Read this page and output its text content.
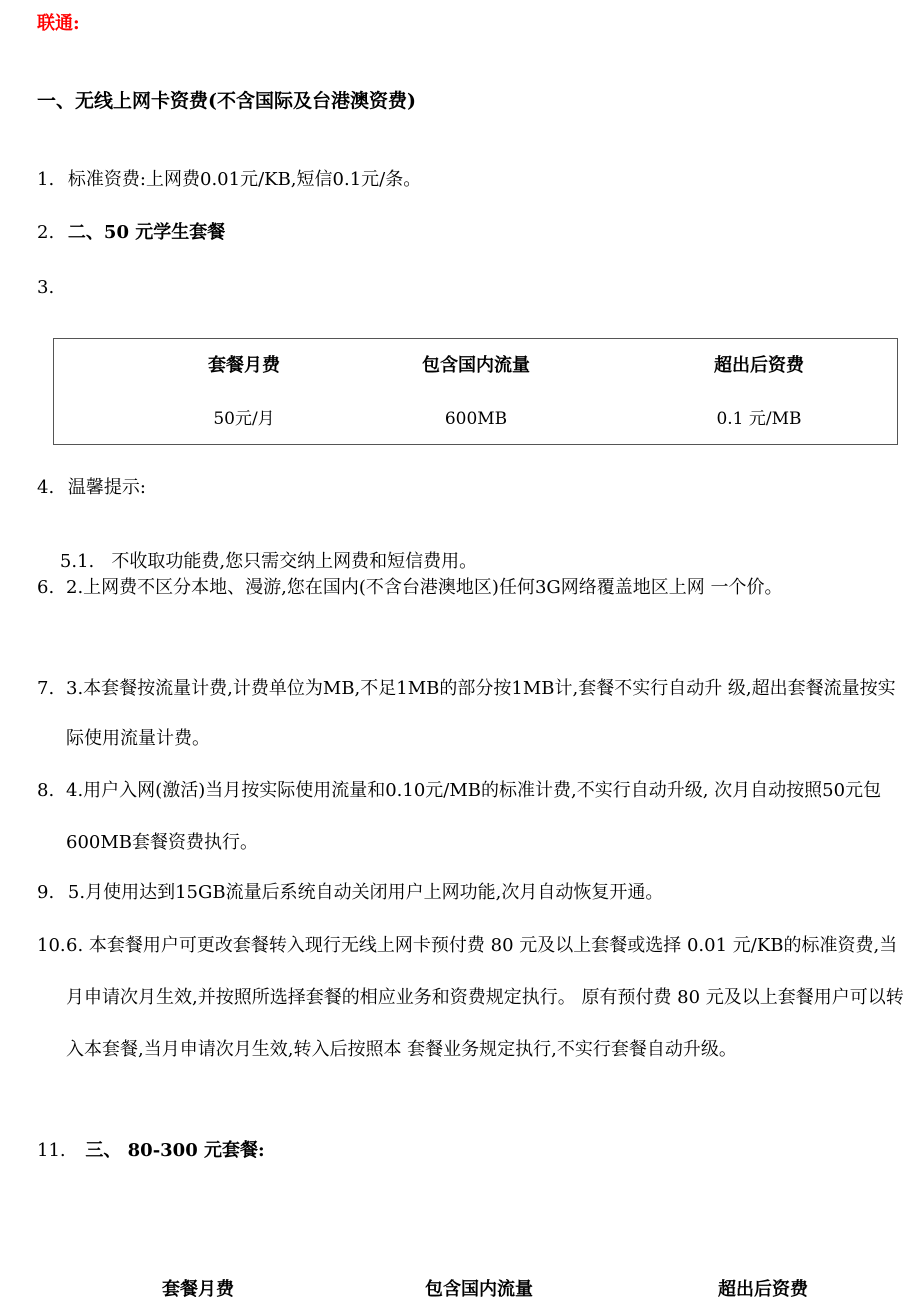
联通:
一、无线上网卡资费(不含国际及台港澳资费)
1. 标准资费:上网费0.01元/KB,短信0.1元/条。
2. 二、50 元学生套餐
3.
套餐月费	包含国内流量	超出后资费
50元/月	600MB	0.1 元/MB
4. 温馨提示:

5.1.   不收取功能费,您只需交纳上网费和短信费用。

6. 2.上网费不区分本地、漫游,您在国内(不含台港澳地区)任何3G网络覆盖地区上网 一个价。
7. 3.本套餐按流量计费,计费单位为MB,不足1MB的部分按1MB计,套餐不实行自动升 级,超出套餐流量按实际使用流量计费。
8. 4.用户入网(激活)当月按实际使用流量和0.10元/MB的标准计费,不实行自动升级, 次月自动按照50元包600MB套餐资费执行。
9. 5.月使用达到15GB流量后系统自动关闭用户上网功能,次月自动恢复开通。
10. 6. 本套餐用户可更改套餐转入现行无线上网卡预付费 80 元及以上套餐或选择 0.01 元/KB的标准资费,当月申请次月生效,并按照所选择套餐的相应业务和资费规定执行。 原有预付费 80 元及以上套餐用户可以转入本套餐,当月申请次月生效,转入后按照本 套餐业务规定执行,不实行套餐自动升级。
11. 三、 80-300 元套餐:
套餐月费	包含国内流量	超出后资费
